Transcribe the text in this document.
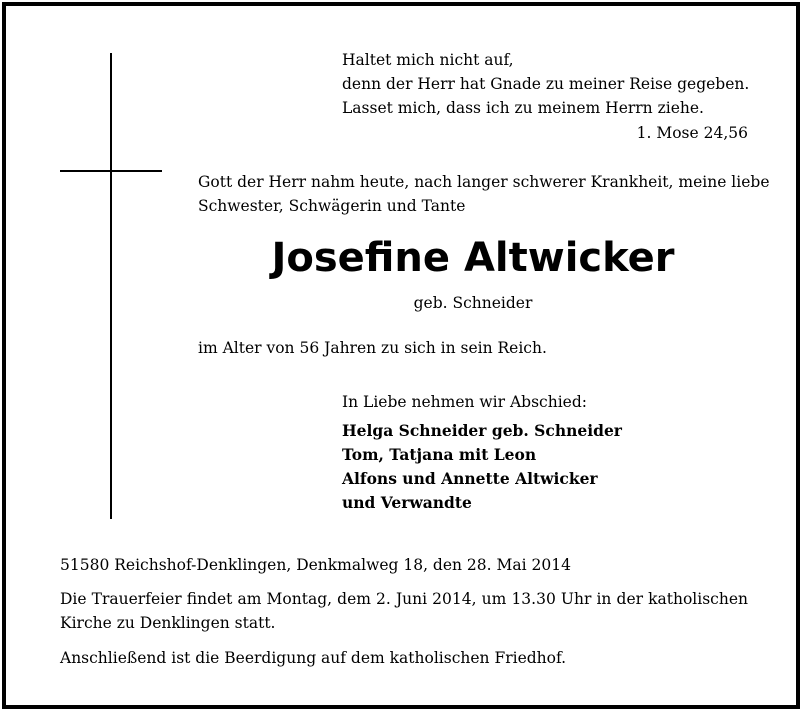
Haltet mich nicht auf,
denn der Herr hat Gnade zu meiner Reise gegeben.
Lasset mich, dass ich zu meinem Herrn ziehe.
1. Mose 24,56
Gott der Herr nahm heute, nach langer schwerer Krankheit, meine liebe
Schwester, Schwägerin und Tante
Josefine Altwicker
geb. Schneider
im Alter von 56 Jahren zu sich in sein Reich.
In Liebe nehmen wir Abschied:
Helga Schneider geb. Schneider
Tom, Tatjana mit Leon
Alfons und Annette Altwicker
und Verwandte
51580 Reichshof-Denklingen, Denkmalweg 18, den 28. Mai 2014
Die Trauerfeier findet am Montag, dem 2. Juni 2014, um 13.30 Uhr in der katholischen Kirche zu Denklingen statt.
Anschließend ist die Beerdigung auf dem katholischen Friedhof.
